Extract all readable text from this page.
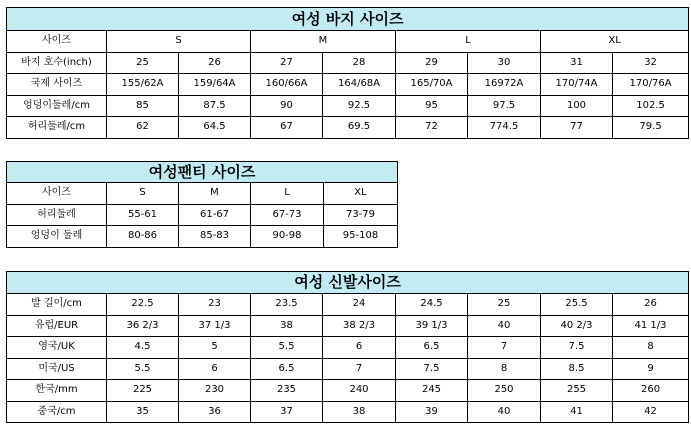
여성 바지 사이즈								
사이즈	S		M		L		XL	
바지 호수(inch)	25	26	27	28	29	30	31	32
국제 사이즈	155/62A	159/64A	160/66A	164/68A	165/70A	16972A	170/74A	170/76A
엉덩이둘레/cm	85	87.5	90	92.5	95	97.5	100	102.5
허리둘레/cm	62	64.5	67	69.5	72	774.5	77	79.5
여성팬티 사이즈				
사이즈	S	M	L	XL
허리둘레	55-61	61-67	67-73	73-79
엉덩이 둘레	80-86	85-83	90-98	95-108
여성 신발사이즈								
발 길이/cm	22.5	23	23.5	24	24.5	25	25.5	26
유럽/EUR	36 2/3	37 1/3	38	38 2/3	39 1/3	40	40 2/3	41 1/3
영국/UK	4.5	5	5.5	6	6.5	7	7.5	8
미국/US	5.5	6	6.5	7	7.5	8	8.5	9
한국/mm	225	230	235	240	245	250	255	260
중국/cm	35	36	37	38	39	40	41	42
